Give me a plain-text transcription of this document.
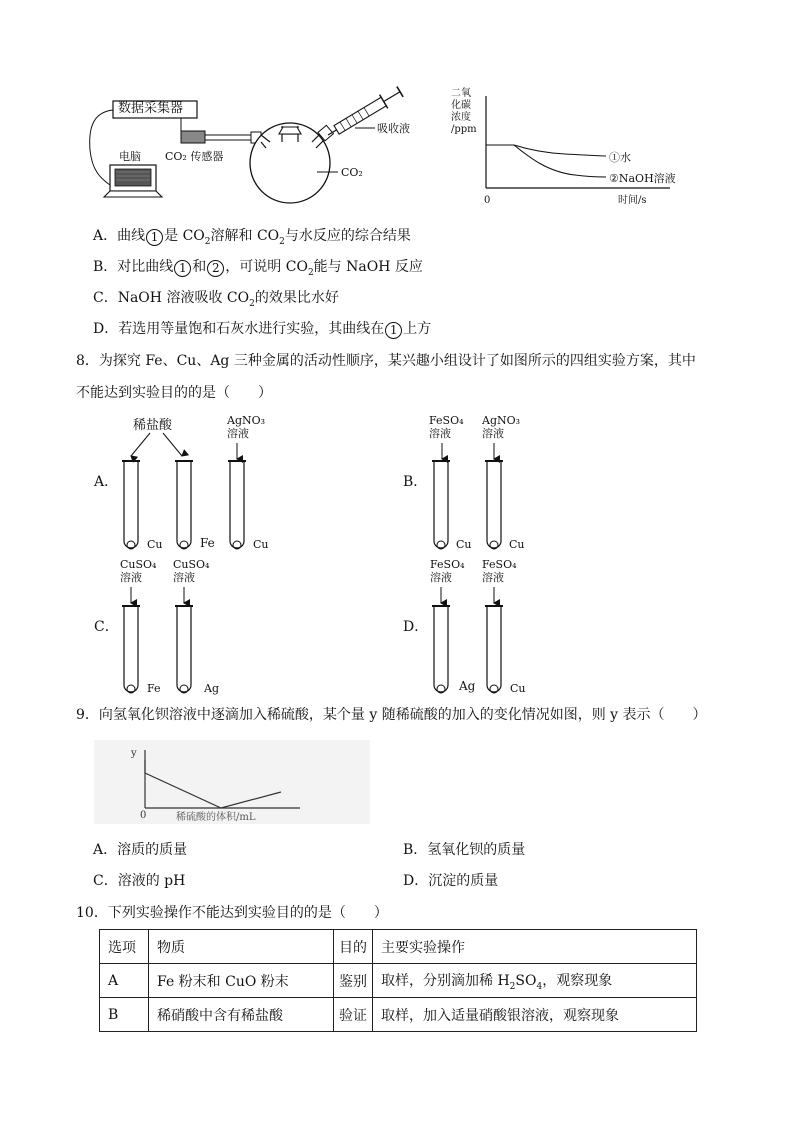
数据采集器
CO₂ 传感器
电脑
吸收液
CO₂
二氧
化碳
浓度
/ppm
0	时间/s
①水
②NaOH溶液
A．曲线 1 是 $CO_2$溶解和 $CO_2$与水反应的综合结果
B．对比曲线 1 和 2 ，可说明 $CO_2$能与 NaOH 反应
C．NaOH 溶液吸收 $CO_2$的效果比水好
D．若选用等量饱和石灰水进行实验，其曲线在 1 上方
8．为探究 Fe、Cu、Ag 三种金属的活动性顺序，某兴趣小组设计了如图所示的四组实验方案，其中
不能达到实验目的的是（　　）
A．
稀盐酸	AgNO₃
溶液
Cu	Fe	Cu
B．
FeSO₄
溶液
AgNO₃
溶液
Cu	Cu
C．
CuSO₄
溶液
CuSO₄
溶液
Fe	Ag
D．
FeSO₄
溶液
FeSO₄
溶液
Ag	Cu
9．向氢氧化钡溶液中逐滴加入稀硫酸，某个量 y 随稀硫酸的加入的变化情况如图，则 y 表示（　　）
y
0	稀硫酸的体积/mL
A．溶质的质量	B．氢氧化钡的质量
C．溶液的 pH	D．沉淀的质量
10．下列实验操作不能达到实验目的的是（　　）
选项	物质	目的	主要实验操作
A	Fe 粉末和 CuO 粉末	鉴别	取样，分别滴加稀 $H_2SO_4$，观察现象
B	稀硝酸中含有稀盐酸	验证	取样，加入适量硝酸银溶液，观察现象
